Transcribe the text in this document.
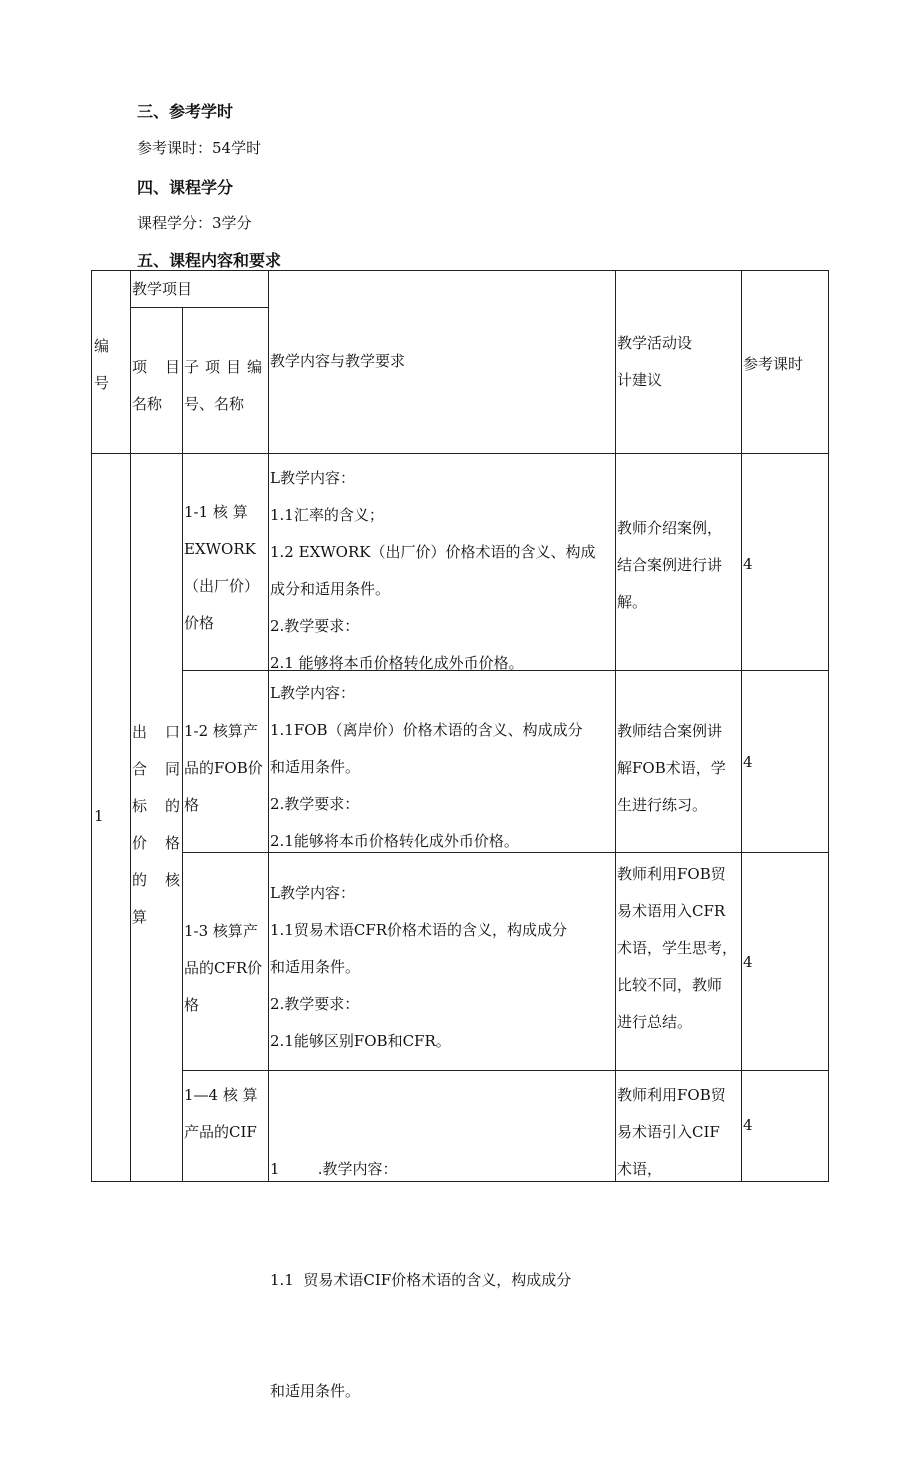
三、参考学时
参考课时：54学时
四、课程学分
课程学分：3学分
五、课程内容和要求
编
号
教学项目
项 目
名称
子项目编
号、名称
教学内容与教学要求
教学活动设
计建议
参考课时
1
出 口
合 同
标 的
价 格
的 核
算
1-1 核 算
EXWORK
（出厂价）
价格
L教学内容：
1.1汇率的含义；
1.2 EXWORK（出厂价）价格术语的含义、构成
成分和适用条件。
2.教学要求：
2.1 能够将本币价格转化成外币价格。
教师介绍案例，
结合案例进行讲
解。
4
1-2 核算产
品的FOB价
格
L教学内容：
1.1FOB（离岸价）价格术语的含义、构成成分
和适用条件。
2.教学要求：
2.1能够将本币价格转化成外币价格。
教师结合案例讲
解FOB术语，学
生进行练习。
4
1-3 核算产
品的CFR价
格
L教学内容：
1.1贸易术语CFR价格术语的含义，构成成分
和适用条件。
2.教学要求：
2.1能够区别FOB和CFR。
教师利用FOB贸
易术语用入CFR
术语，学生思考，
比较不同，教师
进行总结。
4
1—4 核 算
产品的CIF

1        .教学内容：

1.1  贸易术语CIF价格术语的含义，构成成分

和适用条件。

教师利用FOB贸
易术语引入CIF
术语，
4
